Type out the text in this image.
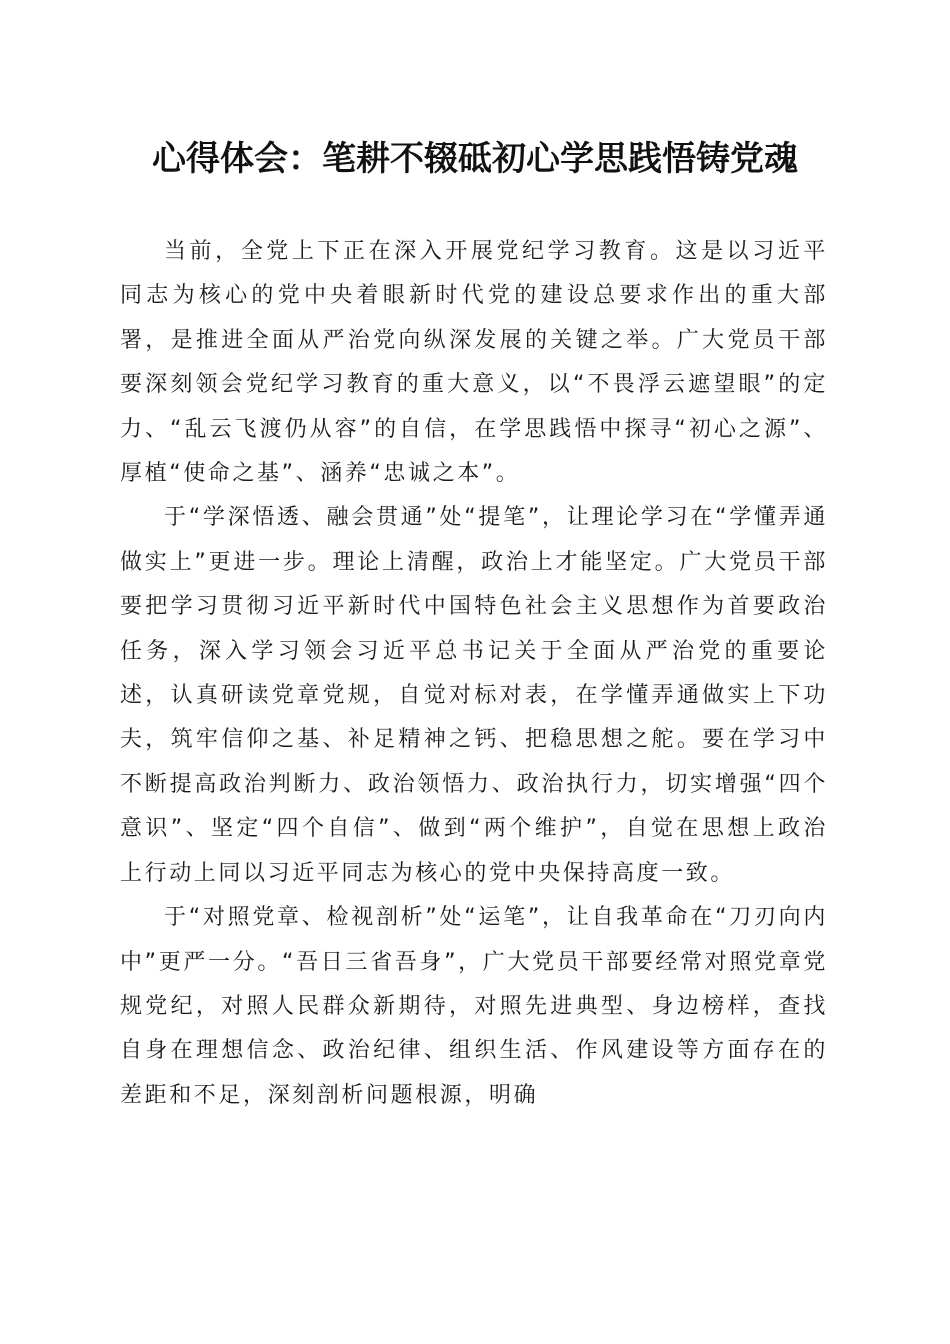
心得体会：笔耕不辍砥初心学思践悟铸党魂

当前，全党上下正在深入开展党纪学习教育。这是以习近平同志为核心的党中央着眼新时代党的建设总要求作出的重大部署，是推进全面从严治党向纵深发展的关键之举。广大党员干部要深刻领会党纪学习教育的重大意义，以“不畏浮云遮望眼”的定力、“乱云飞渡仍从容”的自信，在学思践悟中探寻“初心之源”、厚植“使命之基”、涵养“忠诚之本”。

于“学深悟透、融会贯通”处“提笔”，让理论学习在“学懂弄通做实上”更进一步。理论上清醒，政治上才能坚定。广大党员干部要把学习贯彻习近平新时代中国特色社会主义思想作为首要政治任务，深入学习领会习近平总书记关于全面从严治党的重要论述，认真研读党章党规，自觉对标对表，在学懂弄通做实上下功夫，筑牢信仰之基、补足精神之钙、把稳思想之舵。要在学习中不断提高政治判断力、政治领悟力、政治执行力，切实增强“四个意识”、坚定“四个自信”、做到“两个维护”，自觉在思想上政治上行动上同以习近平同志为核心的党中央保持高度一致。

于“对照党章、检视剖析”处“运笔”，让自我革命在“刀刃向内中”更严一分。“吾日三省吾身”，广大党员干部要经常对照党章党规党纪，对照人民群众新期待，对照先进典型、身边榜样，查找自身在理想信念、政治纪律、组织生活、作风建设等方面存在的差距和不足，深刻剖析问题根源，明确
